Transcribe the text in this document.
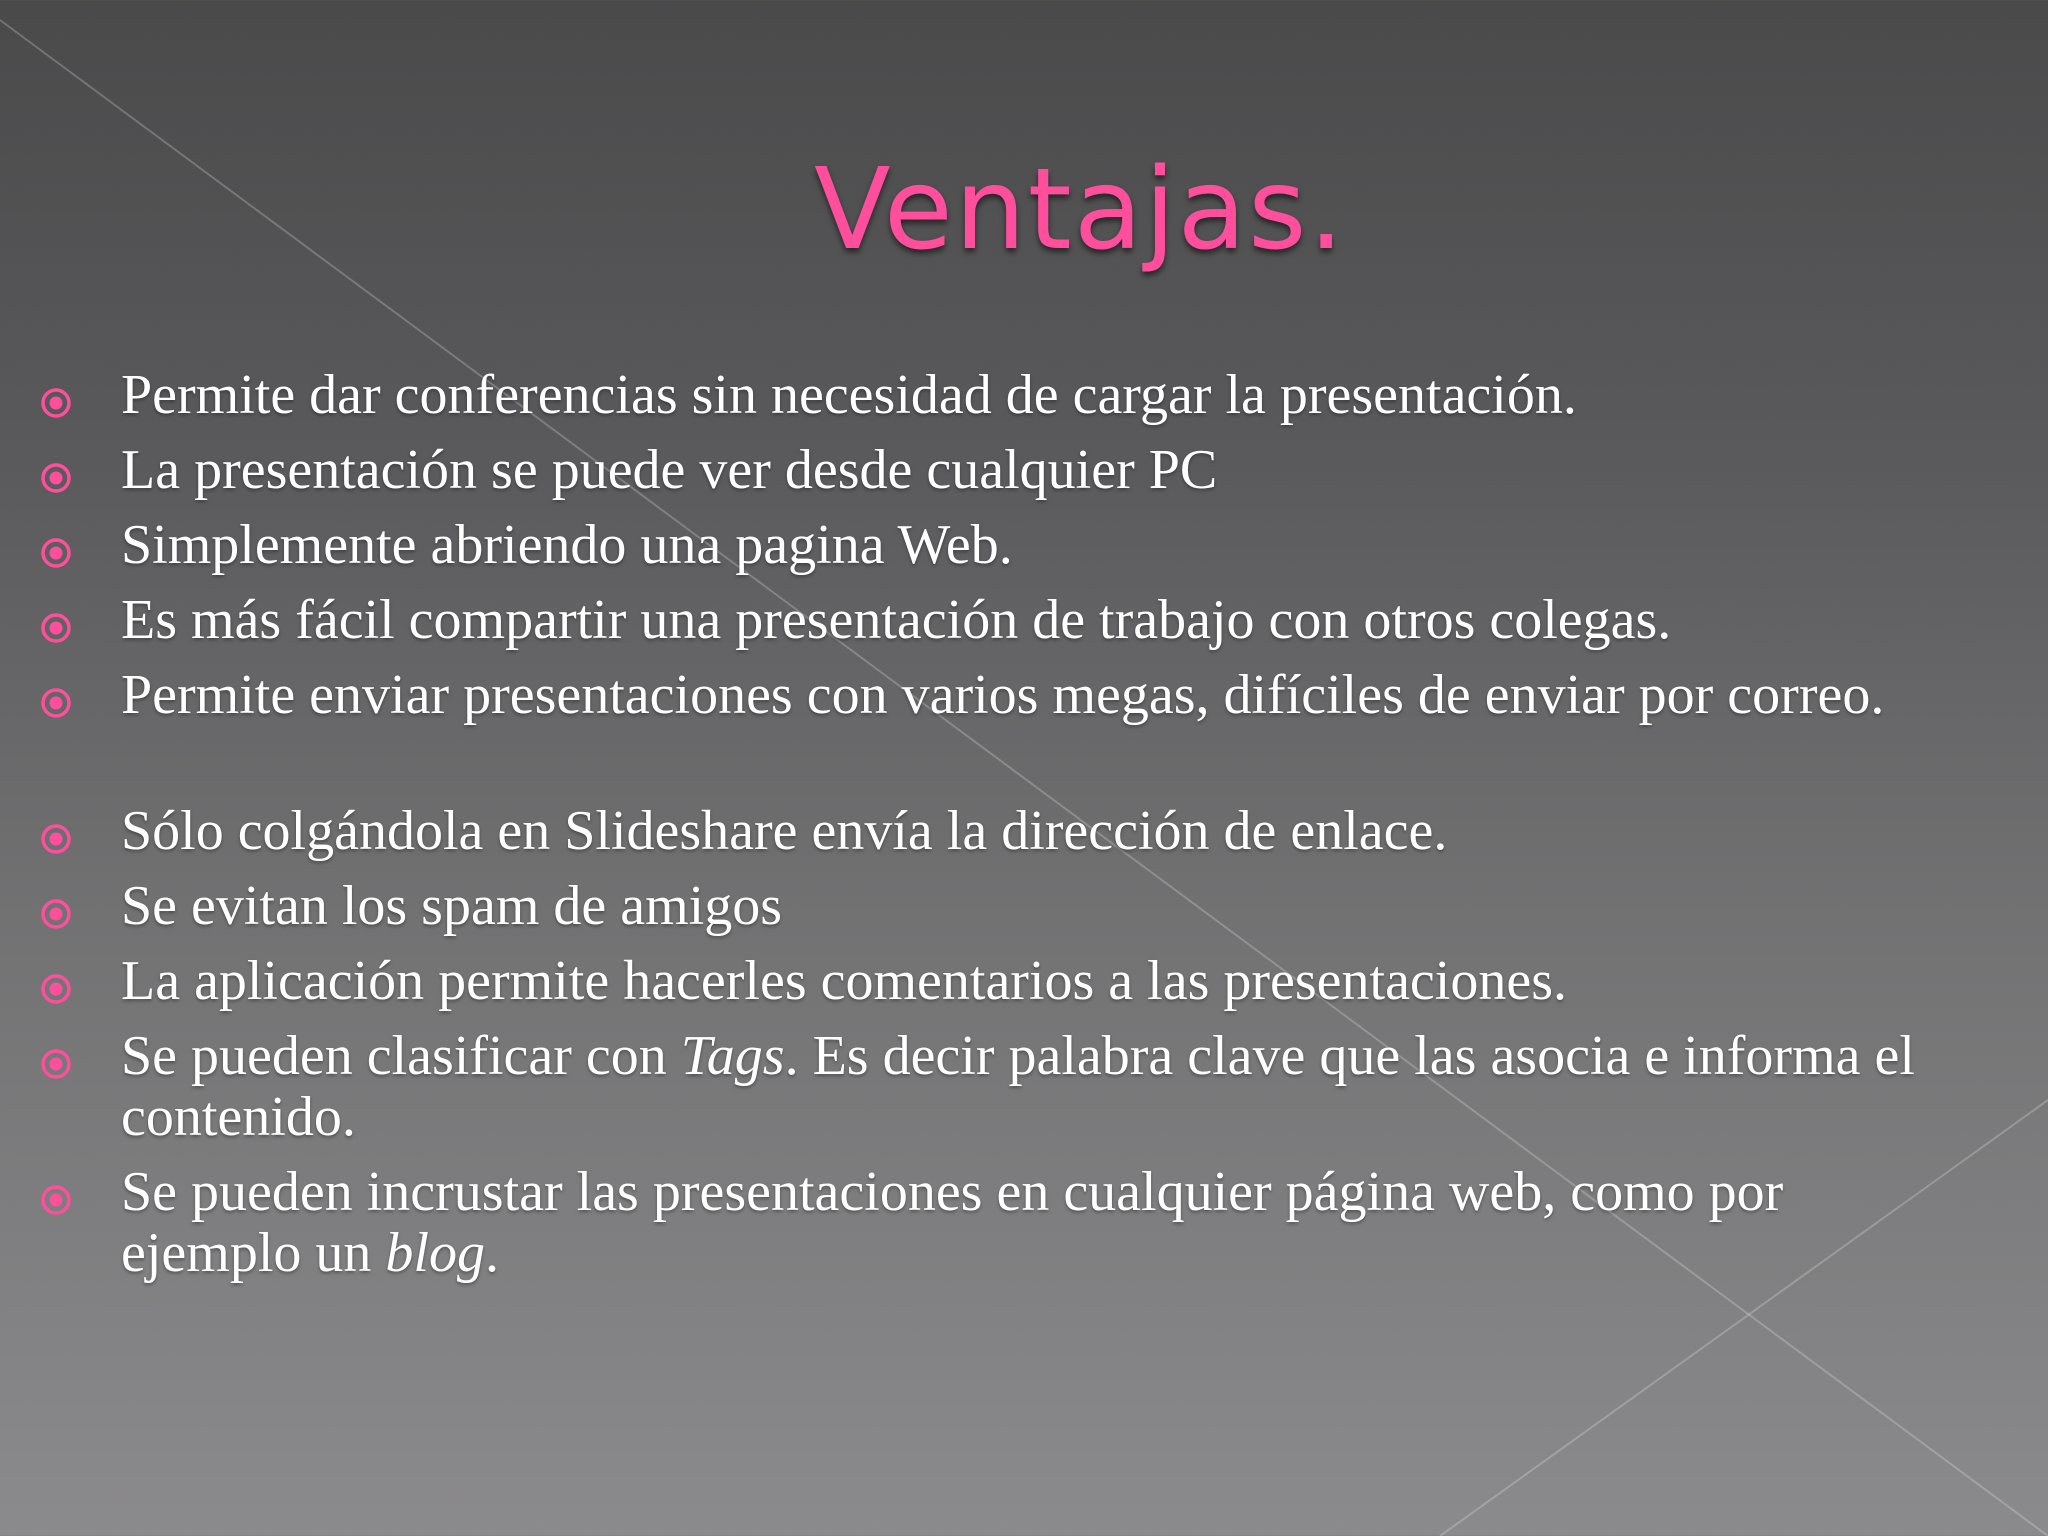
Ventajas.
Permite dar conferencias sin necesidad de cargar la presentación.
La presentación se puede ver desde cualquier PC
Simplemente abriendo una pagina Web.
Es más fácil compartir una presentación de trabajo con otros colegas.
Permite enviar presentaciones con varios megas, difíciles de enviar por correo.
Sólo colgándola en Slideshare envía la dirección de enlace.
Se evitan los spam de amigos
La aplicación permite hacerles comentarios a las presentaciones.
Se pueden clasificar con Tags. Es decir palabra clave que las asocia e informa el contenido.
Se pueden incrustar las presentaciones en cualquier página web, como por ejemplo un blog.
